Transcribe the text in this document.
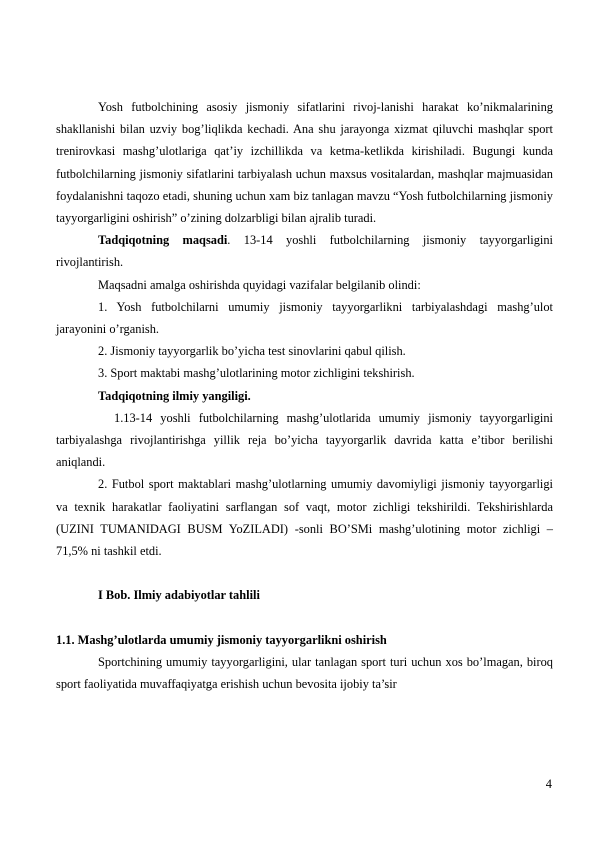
Yosh futbolchining asosiy jismoniy sifatlarini rivoj-lanishi harakat ko’nikmalarining shakllanishi bilan uzviy bog’liqlikda kechadi. Ana shu jarayonga xizmat qiluvchi mashqlar sport trenirovkasi mashg’ulotlariga qat’iy izchillikda va ketma-ketlikda kirishiladi. Bugungi kunda futbolchilarning jismoniy sifatlarini tarbiyalash uchun maxsus vositalardan, mashqlar majmuasidan foydalanishni taqozo etadi, shuning uchun xam biz tanlagan mavzu “Yosh futbolchilarning jismoniy tayyorgarligini oshirish” o’zining dolzarbligi bilan ajralib turadi.

Tadqiqotning maqsadi. 13-14 yoshli futbolchilarning jismoniy tayyorgarligini rivojlantirish.

Maqsadni amalga oshirishda quyidagi vazifalar belgilanib olindi:

1. Yosh futbolchilarni umumiy jismoniy tayyorgarlikni tarbiyalashdagi mashg’ulot jarayonini o’rganish.

2. Jismoniy tayyorgarlik bo’yicha test sinovlarini qabul qilish.

3. Sport maktabi mashg’ulotlarining motor zichligini tekshirish.

Tadqiqotning ilmiy yangiligi.

1.13-14 yoshli futbolchilarning mashg’ulotlarida umumiy jismoniy tayyorgarligini tarbiyalashga rivojlantirishga yillik reja bo’yicha tayyorgarlik davrida katta e’tibor berilishi aniqlandi.

2. Futbol sport maktablari mashg’ulotlarning umumiy davomiyligi jismoniy tayyorgarligi va texnik harakatlar faoliyatini sarflangan sof vaqt, motor zichligi tekshirildi. Tekshirishlarda (UZINI TUMANIDAGI BUSM YoZILADI) -sonli BO’SMi mashg’ulotining motor zichligi – 71,5% ni tashkil etdi.

I Bob. Ilmiy adabiyotlar tahlili

1.1. Mashg’ulotlarda umumiy jismoniy tayyorgarlikni oshirish

Sportchining umumiy tayyorgarligini, ular tanlagan sport turi uchun xos bo’lmagan, biroq sport faoliyatida muvaffaqiyatga erishish uchun bevosita ijobiy ta’sir

4
